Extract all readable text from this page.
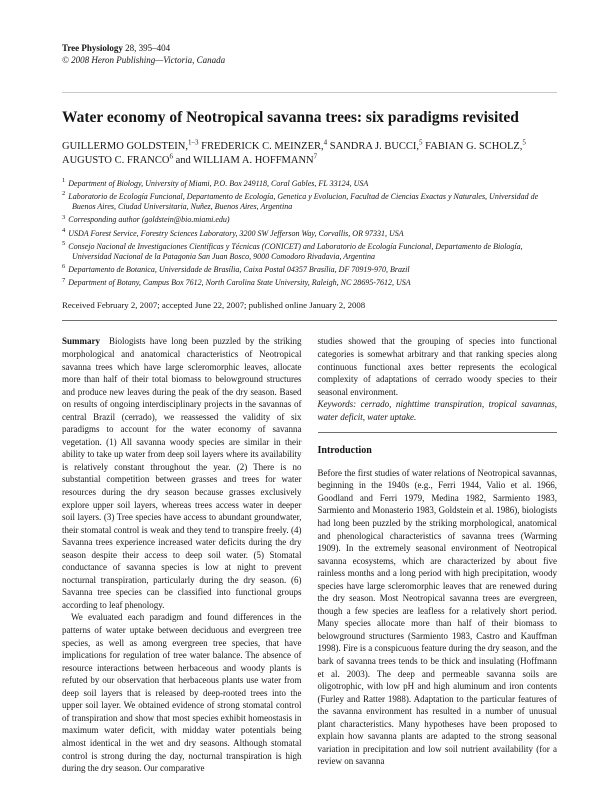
Tree Physiology 28, 395–404
© 2008 Heron Publishing—Victoria, Canada
Water economy of Neotropical savanna trees: six paradigms revisited
GUILLERMO GOLDSTEIN,$^{1-3}$ FREDERICK C. MEINZER,$^4$ SANDRA J. BUCCI,$^5$ FABIAN G. SCHOLZ,$^5$ AUGUSTO C. FRANCO$^6$ and WILLIAM A. HOFFMANN$^7$
$^1$ Department of Biology, University of Miami, P.O. Box 249118, Coral Gables, FL 33124, USA
$^2$ Laboratorio de Ecología Funcional, Departamento de Ecología, Genetica y Evolucion, Facultad de Ciencias Exactas y Naturales, Universidad de Buenos Aires, Ciudad Universitaria, Nuñez, Buenos Aires, Argentina
$^3$ Corresponding author (goldstein@bio.miami.edu)
$^4$ USDA Forest Service, Forestry Sciences Laboratory, 3200 SW Jefferson Way, Corvallis, OR 97331, USA
$^5$ Consejo Nacional de Investigaciones Científicas y Técnicas (CONICET) and Laboratorio de Ecología Funcional, Departamento de Biología, Universidad Nacional de la Patagonia San Juan Bosco, 9000 Comodoro Rivadavia, Argentina
$^6$ Departamento de Botanica, Universidade de Brasília, Caixa Postal 04357 Brasília, DF 70919-970, Brazil
$^7$ Department of Botany, Campus Box 7612, North Carolina State University, Raleigh, NC 28695-7612, USA
Received February 2, 2007; accepted June 22, 2007; published online January 2, 2008

Summary Biologists have long been puzzled by the striking morphological and anatomical characteristics of Neotropical savanna trees which have large scleromorphic leaves, allocate more than half of their total biomass to belowground structures and produce new leaves during the peak of the dry season. Based on results of ongoing interdisciplinary projects in the savannas of central Brazil (cerrado), we reassessed the validity of six paradigms to account for the water economy of savanna vegetation. (1) All savanna woody species are similar in their ability to take up water from deep soil layers where its availability is relatively constant throughout the year. (2) There is no substantial competition between grasses and trees for water resources during the dry season because grasses exclusively explore upper soil layers, whereas trees access water in deeper soil layers. (3) Tree species have access to abundant groundwater, their stomatal control is weak and they tend to transpire freely. (4) Savanna trees experience increased water deficits during the dry season despite their access to deep soil water. (5) Stomatal conductance of savanna species is low at night to prevent nocturnal transpiration, particularly during the dry season. (6) Savanna tree species can be classified into functional groups according to leaf phenology.

We evaluated each paradigm and found differences in the patterns of water uptake between deciduous and evergreen tree species, as well as among evergreen tree species, that have implications for regulation of tree water balance. The absence of resource interactions between herbaceous and woody plants is refuted by our observation that herbaceous plants use water from deep soil layers that is released by deep-rooted trees into the upper soil layer. We obtained evidence of strong stomatal control of transpiration and show that most species exhibit homeostasis in maximum water deficit, with midday water potentials being almost identical in the wet and dry seasons. Although stomatal control is strong during the day, nocturnal transpiration is high during the dry season. Our comparative

studies showed that the grouping of species into functional categories is somewhat arbitrary and that ranking species along continuous functional axes better represents the ecological complexity of adaptations of cerrado woody species to their seasonal environment.

Keywords: cerrado, nighttime transpiration, tropical savannas, water deficit, water uptake.

Introduction

Before the first studies of water relations of Neotropical savannas, beginning in the 1940s (e.g., Ferri 1944, Valio et al. 1966, Goodland and Ferri 1979, Medina 1982, Sarmiento 1983, Sarmiento and Monasterio 1983, Goldstein et al. 1986), biologists had long been puzzled by the striking morphological, anatomical and phenological characteristics of savanna trees (Warming 1909). In the extremely seasonal environment of Neotropical savanna ecosystems, which are characterized by about five rainless months and a long period with high precipitation, woody species have large scleromorphic leaves that are renewed during the dry season. Most Neotropical savanna trees are evergreen, though a few species are leafless for a relatively short period. Many species allocate more than half of their biomass to belowground structures (Sarmiento 1983, Castro and Kauffman 1998). Fire is a conspicuous feature during the dry season, and the bark of savanna trees tends to be thick and insulating (Hoffmann et al. 2003). The deep and permeable savanna soils are oligotrophic, with low pH and high aluminum and iron contents (Furley and Ratter 1988). Adaptation to the particular features of the savanna environment has resulted in a number of unusual plant characteristics. Many hypotheses have been proposed to explain how savanna plants are adapted to the strong seasonal variation in precipitation and low soil nutrient availability (for a review on savanna
